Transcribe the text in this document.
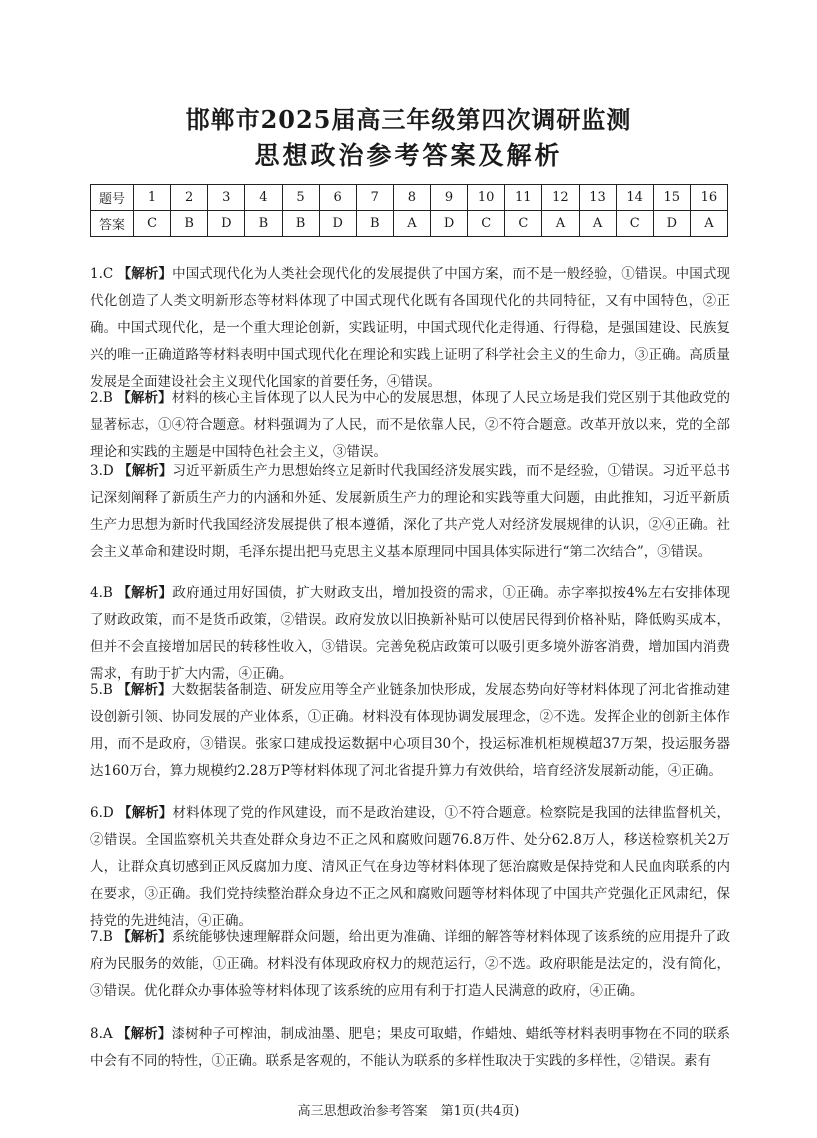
邯郸市2025届高三年级第四次调研监测
思想政治参考答案及解析
题号	1	2	3	4	5	6	7	8	9	10	11	12	13	14	15	16
答案	C	B	D	B	B	D	B	A	D	C	C	A	A	C	D	A

1.C 【解析】中国式现代化为人类社会现代化的发展提供了中国方案，而不是一般经验，①错误。中国式现代化创造了人类文明新形态等材料体现了中国式现代化既有各国现代化的共同特征，又有中国特色，②正确。中国式现代化，是一个重大理论创新，实践证明，中国式现代化走得通、行得稳，是强国建设、民族复兴的唯一正确道路等材料表明中国式现代化在理论和实践上证明了科学社会主义的生命力，③正确。高质量发展是全面建设社会主义现代化国家的首要任务，④错误。

2.B 【解析】材料的核心主旨体现了以人民为中心的发展思想，体现了人民立场是我们党区别于其他政党的显著标志，①④符合题意。材料强调为了人民，而不是依靠人民，②不符合题意。改革开放以来，党的全部理论和实践的主题是中国特色社会主义，③错误。

3.D 【解析】习近平新质生产力思想始终立足新时代我国经济发展实践，而不是经验，①错误。习近平总书记深刻阐释了新质生产力的内涵和外延、发展新质生产力的理论和实践等重大问题，由此推知，习近平新质生产力思想为新时代我国经济发展提供了根本遵循，深化了共产党人对经济发展规律的认识，②④正确。社会主义革命和建设时期，毛泽东提出把马克思主义基本原理同中国具体实际进行“第二次结合”，③错误。

4.B 【解析】政府通过用好国债，扩大财政支出，增加投资的需求，①正确。赤字率拟按4%左右安排体现了财政政策，而不是货币政策，②错误。政府发放以旧换新补贴可以使居民得到价格补贴，降低购买成本，但并不会直接增加居民的转移性收入，③错误。完善免税店政策可以吸引更多境外游客消费，增加国内消费需求，有助于扩大内需，④正确。

5.B 【解析】大数据装备制造、研发应用等全产业链条加快形成，发展态势向好等材料体现了河北省推动建设创新引领、协同发展的产业体系，①正确。材料没有体现协调发展理念，②不选。发挥企业的创新主体作用，而不是政府，③错误。张家口建成投运数据中心项目30个，投运标准机柜规模超37万架，投运服务器达160万台，算力规模约2.28万P等材料体现了河北省提升算力有效供给，培育经济发展新动能，④正确。

6.D 【解析】材料体现了党的作风建设，而不是政治建设，①不符合题意。检察院是我国的法律监督机关，②错误。全国监察机关共查处群众身边不正之风和腐败问题76.8万件、处分62.8万人，移送检察机关2万人，让群众真切感到正风反腐加力度、清风正气在身边等材料体现了惩治腐败是保持党和人民血肉联系的内在要求，③正确。我们党持续整治群众身边不正之风和腐败问题等材料体现了中国共产党强化正风肃纪，保持党的先进纯洁，④正确。

7.B 【解析】系统能够快速理解群众问题，给出更为准确、详细的解答等材料体现了该系统的应用提升了政府为民服务的效能，①正确。材料没有体现政府权力的规范运行，②不选。政府职能是法定的，没有简化，③错误。优化群众办事体验等材料体现了该系统的应用有利于打造人民满意的政府，④正确。

8.A 【解析】漆树种子可榨油，制成油墨、肥皂；果皮可取蜡，作蜡烛、蜡纸等材料表明事物在不同的联系中会有不同的特性，①正确。联系是客观的，不能认为联系的多样性取决于实践的多样性，②错误。素有

高三思想政治参考答案　第1页(共4页)
